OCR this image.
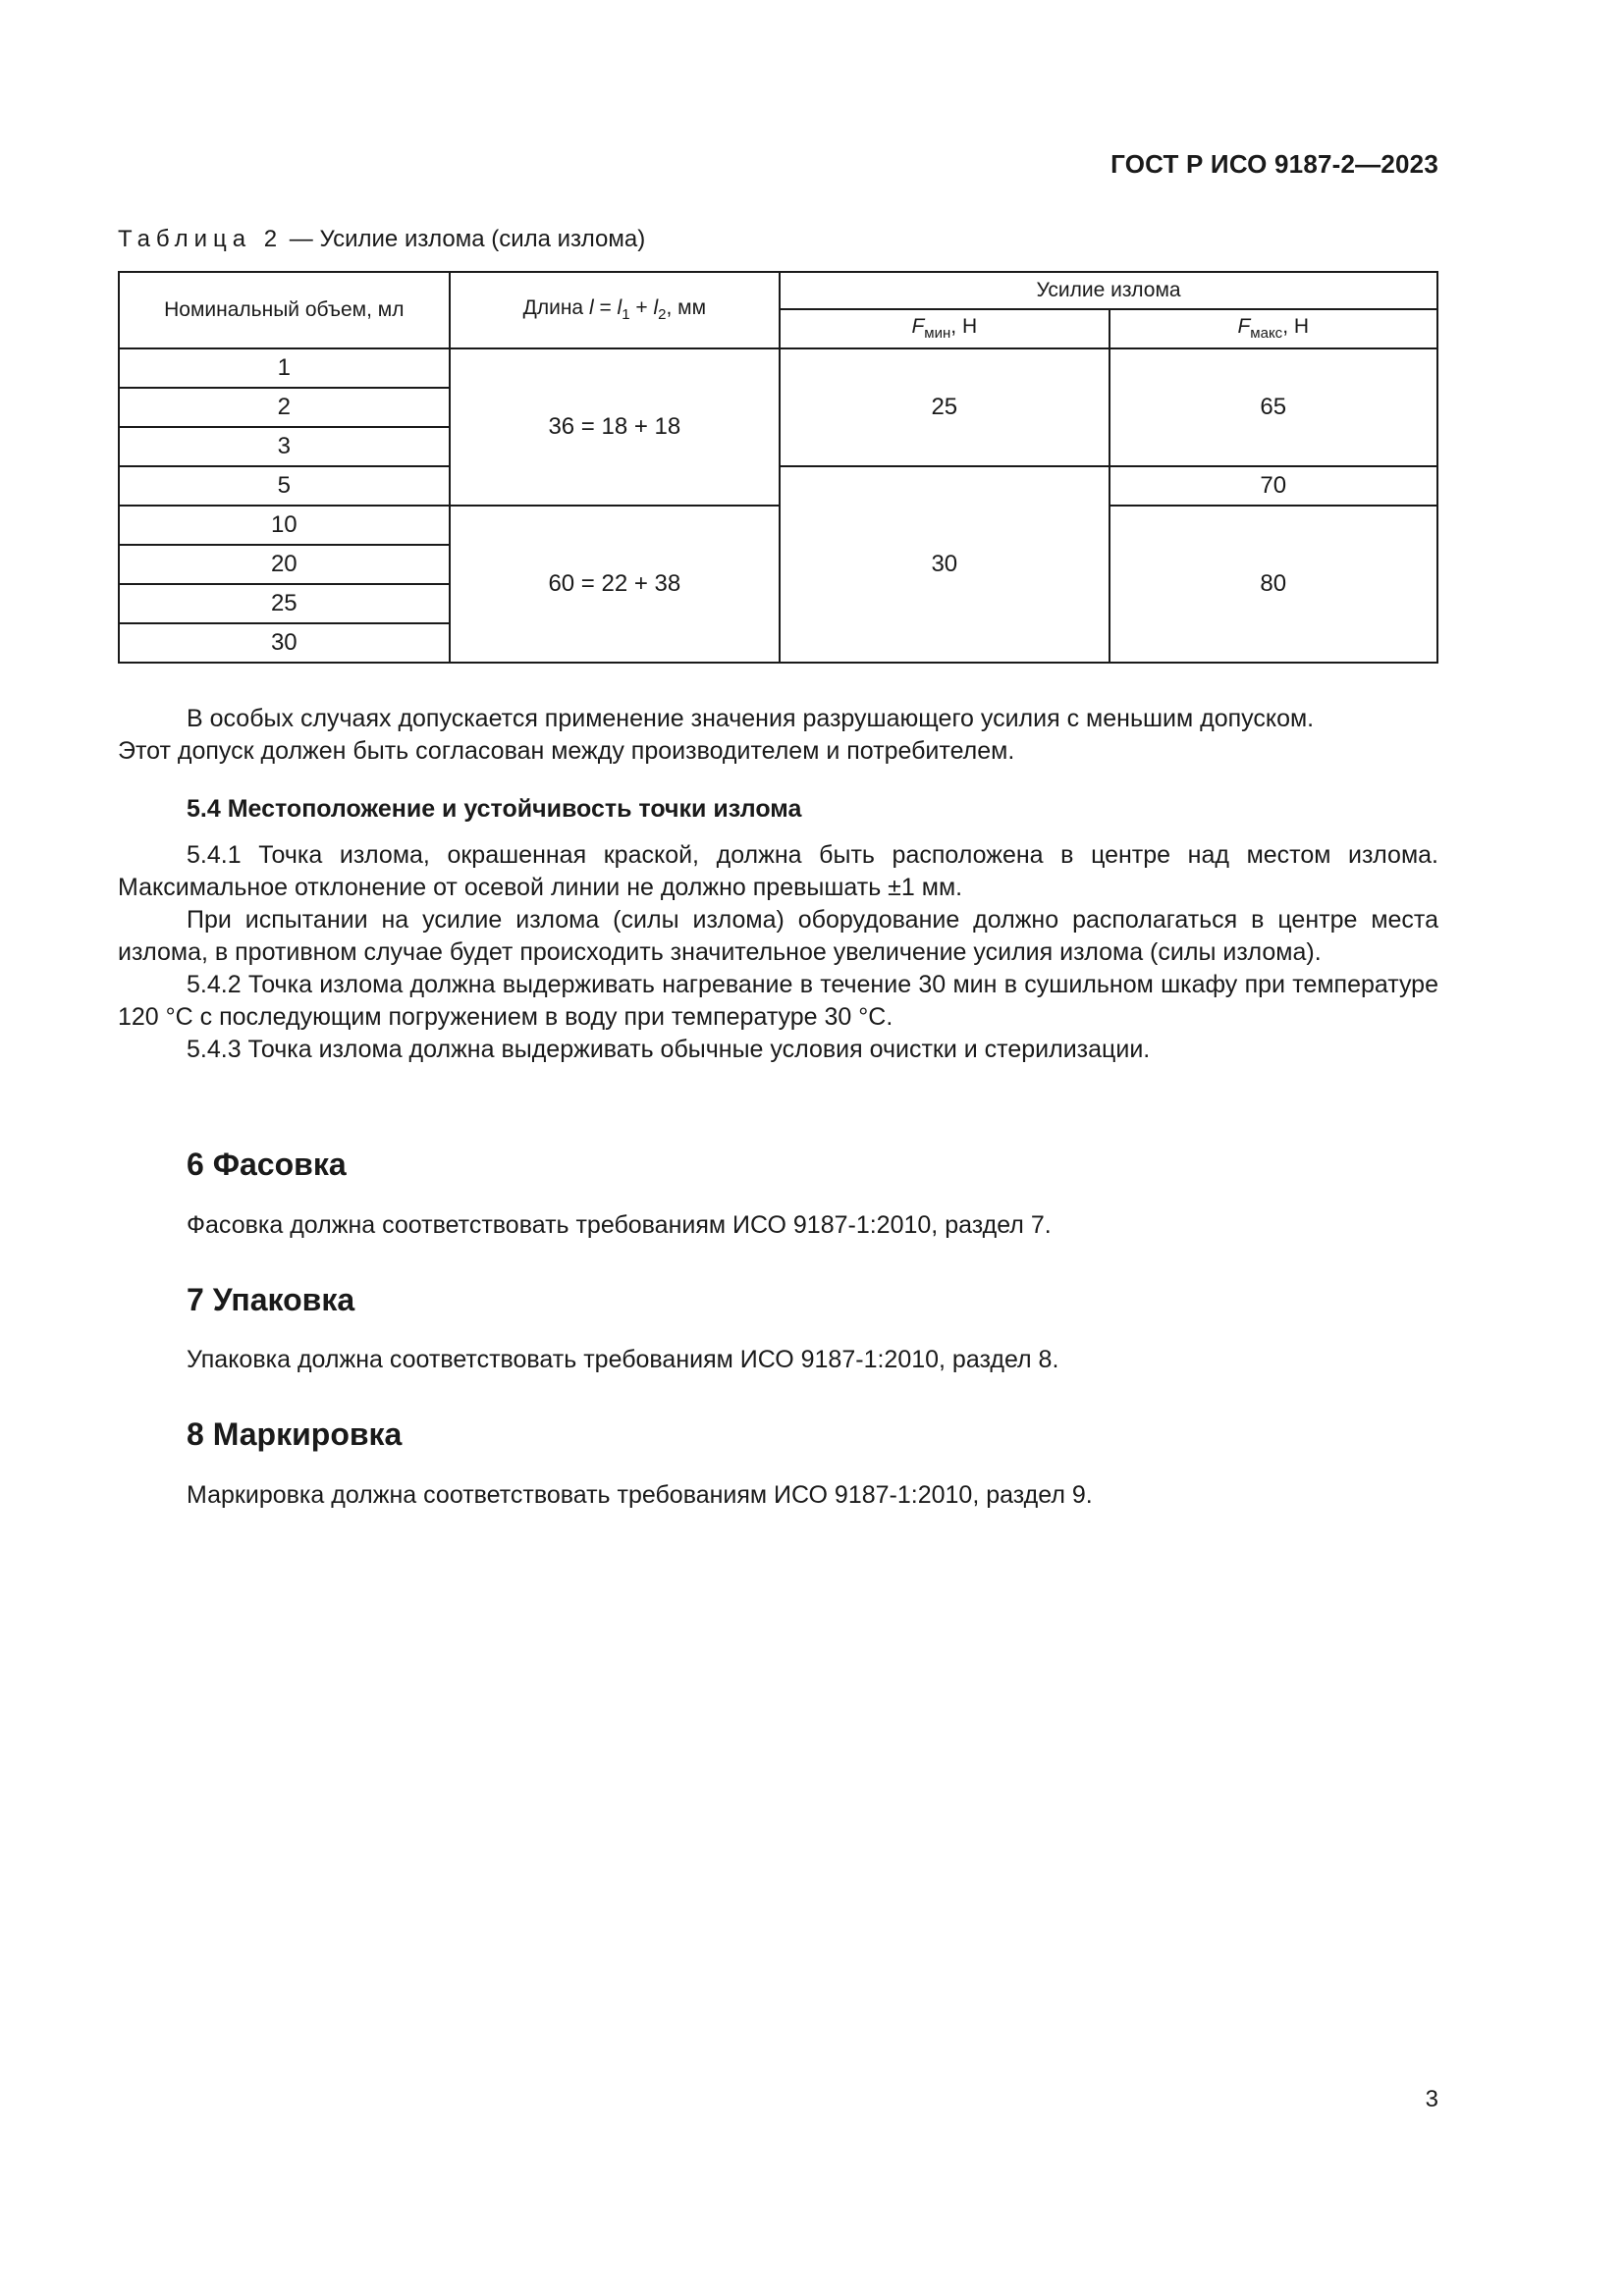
ГОСТ Р ИСО 9187-2—2023
Таблица 2 — Усилие излома (сила излома)
Номинальный объем, мл	Длина $l = l_1 + l_2$, мм	Усилие излома	
		$F_{мин}$, Н	$F_{макс}$, Н
1	36 = 18 + 18	25	65
2			
3			
5		30	70
10	60 = 22 + 38		80
20			
25			
30			

В особых случаях допускается применение значения разрушающего усилия с меньшим допуском.

Этот допуск должен быть согласован между производителем и потребителем.

5.4 Местоположение и устойчивость точки излома

5.4.1 Точка излома, окрашенная краской, должна быть расположена в центре над местом излома. Максимальное отклонение от осевой линии не должно превышать ±1 мм.

При испытании на усилие излома (силы излома) оборудование должно располагаться в центре места излома, в противном случае будет происходить значительное увеличение усилия излома (силы излома).

5.4.2 Точка излома должна выдерживать нагревание в течение 30 мин в сушильном шкафу при температуре 120 °С с последующим погружением в воду при температуре 30 °С.

5.4.3 Точка излома должна выдерживать обычные условия очистки и стерилизации.

6 Фасовка
Фасовка должна соответствовать требованиям ИСО 9187-1:2010, раздел 7.
7 Упаковка
Упаковка должна соответствовать требованиям ИСО 9187-1:2010, раздел 8.
8 Маркировка
Маркировка должна соответствовать требованиям ИСО 9187-1:2010, раздел 9.
3
